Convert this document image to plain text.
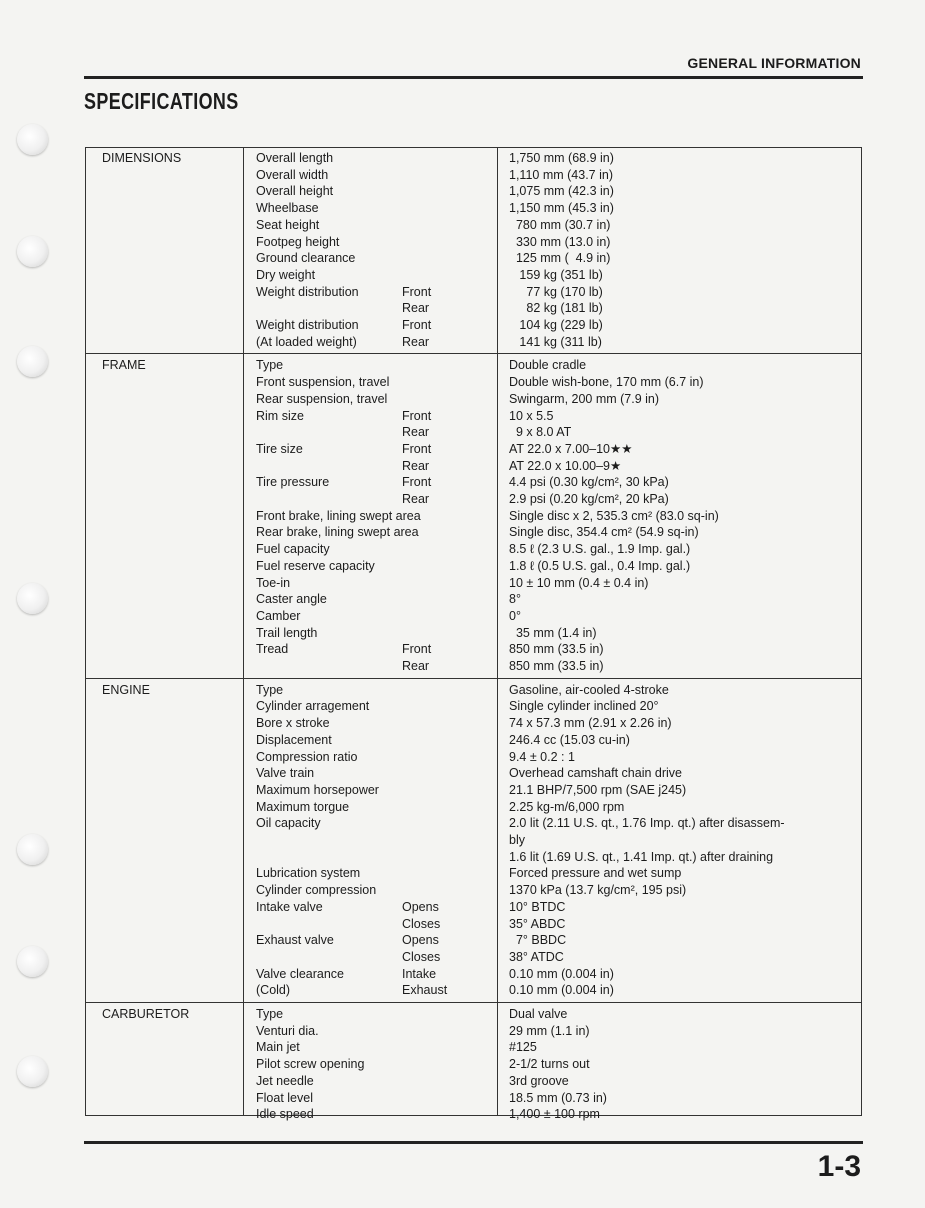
GENERAL INFORMATION
SPECIFICATIONS
DIMENSIONS	Overall length	1,750 mm (68.9 in)
Overall width	1,110 mm (43.7 in)
Overall height	1,075 mm (42.3 in)
Wheelbase	1,150 mm (45.3 in)
Seat height	780 mm (30.7 in)
Footpeg height	330 mm (13.0 in)
Ground clearance	125 mm (  4.9 in)
Dry weight	159 kg (351 lb)
Weight distribution	Front	77 kg (170 lb)
Rear	82 kg (181 lb)
Weight distribution	Front	104 kg (229 lb)
(At loaded weight)	Rear	141 kg (311 lb)
FRAME	Type	Double cradle
Front suspension, travel	Double wish-bone, 170 mm (6.7 in)
Rear suspension, travel	Swingarm, 200 mm (7.9 in)
Rim size	Front	10 x 5.5
Rear	9 x 8.0 AT
Tire size	Front	AT 22.0 x 7.00–10★★
Rear	AT 22.0 x 10.00–9★
Tire pressure	Front	4.4 psi (0.30 kg/cm², 30 kPa)
Rear	2.9 psi (0.20 kg/cm², 20 kPa)
Front brake, lining swept area	Single disc x 2, 535.3 cm² (83.0 sq-in)
Rear brake, lining swept area	Single disc, 354.4 cm² (54.9 sq-in)
Fuel capacity	8.5 ℓ (2.3 U.S. gal., 1.9 Imp. gal.)
Fuel reserve capacity	1.8 ℓ (0.5 U.S. gal., 0.4 Imp. gal.)
Toe-in	10 ± 10 mm (0.4 ± 0.4 in)
Caster angle	8°
Camber	0°
Trail length	35 mm (1.4 in)
Tread	Front	850 mm (33.5 in)
Rear	850 mm (33.5 in)
ENGINE	Type	Gasoline, air-cooled 4-stroke
Cylinder arragement	Single cylinder inclined 20°
Bore x stroke	74 x 57.3 mm (2.91 x 2.26 in)
Displacement	246.4 cc (15.03 cu-in)
Compression ratio	9.4 ± 0.2 : 1
Valve train	Overhead camshaft chain drive
Maximum horsepower	21.1 BHP/7,500 rpm (SAE j245)
Maximum torgue	2.25 kg-m/6,000 rpm
Oil capacity	2.0 lit (2.11 U.S. qt., 1.76 Imp. qt.) after disassem-
bly
1.6 lit (1.69 U.S. qt., 1.41 Imp. qt.) after draining
Lubrication system	Forced pressure and wet sump
Cylinder compression	1370 kPa (13.7 kg/cm², 195 psi)
Intake valve	Opens	10° BTDC
Closes	35° ABDC
Exhaust valve	Opens	7° BBDC
Closes	38° ATDC
Valve clearance	Intake	0.10 mm (0.004 in)
(Cold)	Exhaust	0.10 mm (0.004 in)
CARBURETOR	Type	Dual valve
Venturi dia.	29 mm (1.1 in)
Main jet	#125
Pilot screw opening	2-1/2 turns out
Jet needle	3rd groove
Float level	18.5 mm (0.73 in)
Idle speed	1,400 ± 100 rpm
1-3
